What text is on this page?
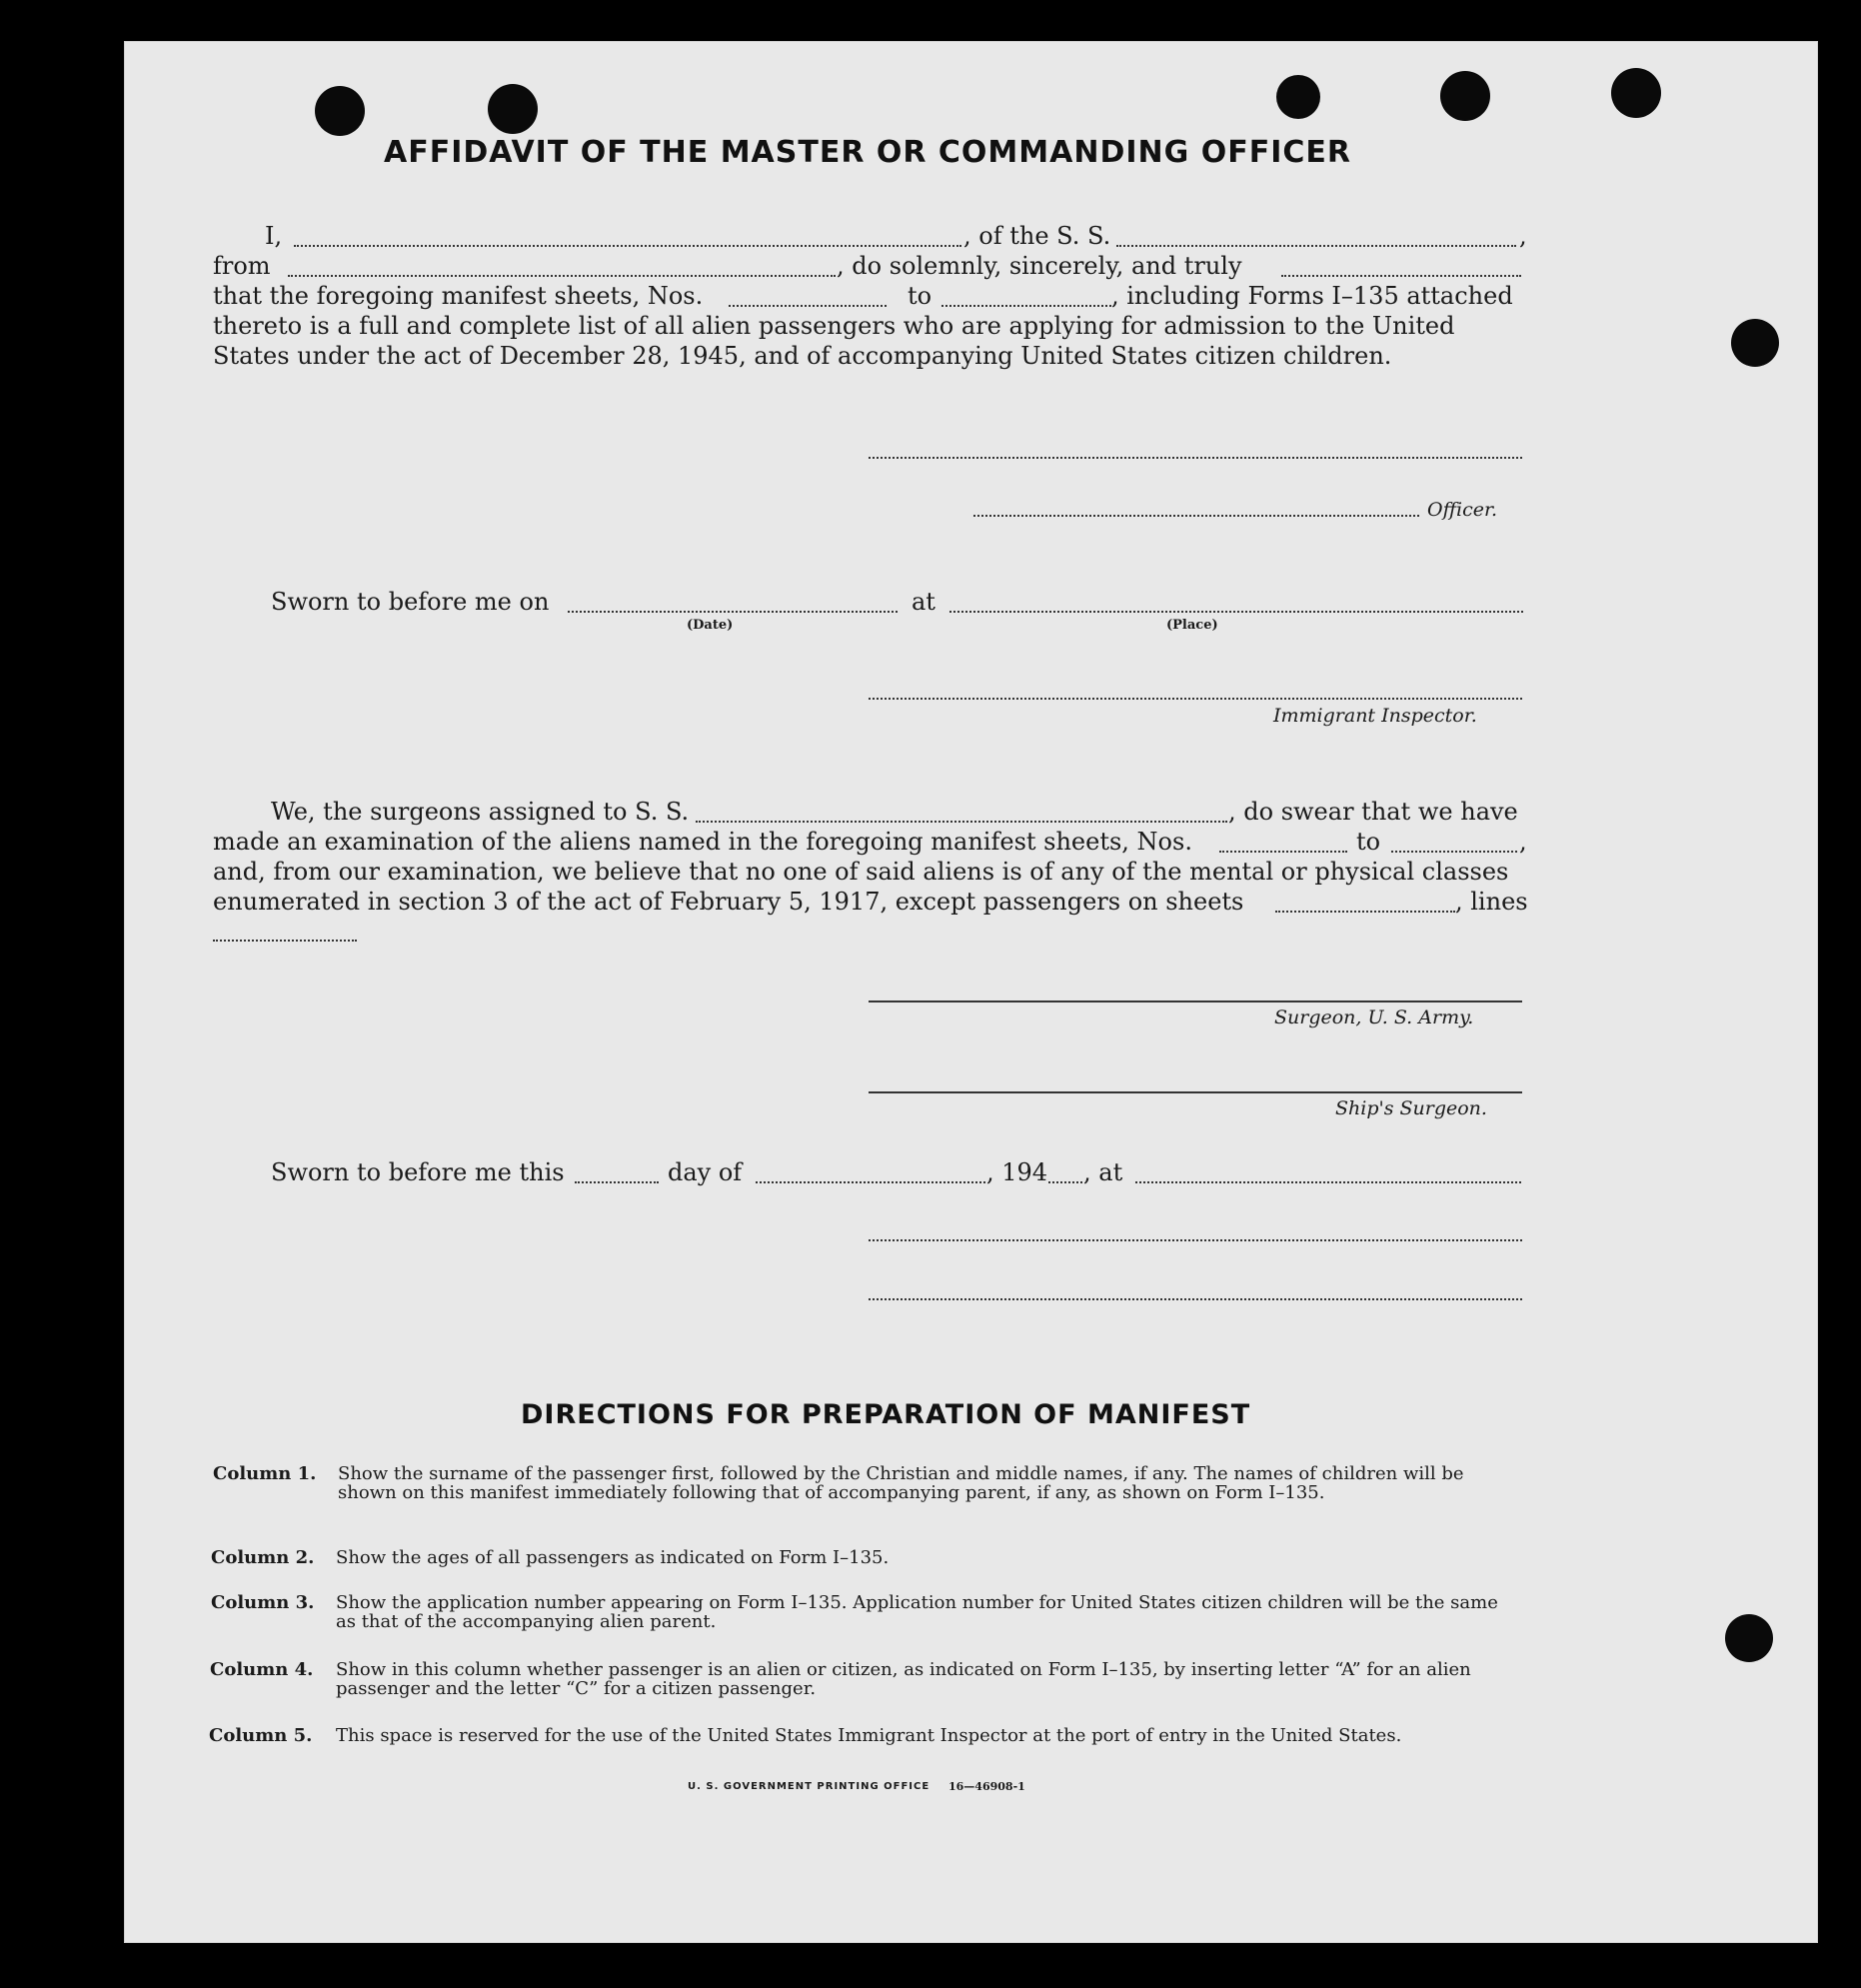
AFFIDAVIT OF THE MASTER OR COMMANDING OFFICER
I,	, of the S. S.	,
from	, do solemnly, sincerely, and truly
that the foregoing manifest sheets, Nos.	to	, including Forms I–135 attached
thereto is a full and complete list of all alien passengers who are applying for admission to the United
States under the act of December 28, 1945, and of accompanying United States citizen children.
Officer.
Sworn to before me on
(Date)
at
(Place)
Immigrant Inspector.
We, the surgeons assigned to S. S.	, do swear that we have
made an examination of the aliens named in the foregoing manifest sheets, Nos.	to	,
and, from our examination, we believe that no one of said aliens is of any of the mental or physical classes
enumerated in section 3 of the act of February 5, 1917, except passengers on sheets	, lines
Surgeon, U. S. Army.
Ship's Surgeon.
Sworn to before me this	day of	, 194 , at
DIRECTIONS FOR PREPARATION OF MANIFEST
Column 1. Show the surname of the passenger first, followed by the Christian and middle names, if any. The names of children will be shown on this manifest immediately following that of accompanying parent, if any, as shown on Form I–135.
Column 2. Show the ages of all passengers as indicated on Form I–135.
Column 3. Show the application number appearing on Form I–135. Application number for United States citizen children will be the same as that of the accompanying alien parent.
Column 4. Show in this column whether passenger is an alien or citizen, as indicated on Form I–135, by inserting letter “A” for an alien passenger and the letter “C” for a citizen passenger.
Column 5. This space is reserved for the use of the United States Immigrant Inspector at the port of entry in the United States.
U. S. GOVERNMENT PRINTING OFFICE 16—46908-1
